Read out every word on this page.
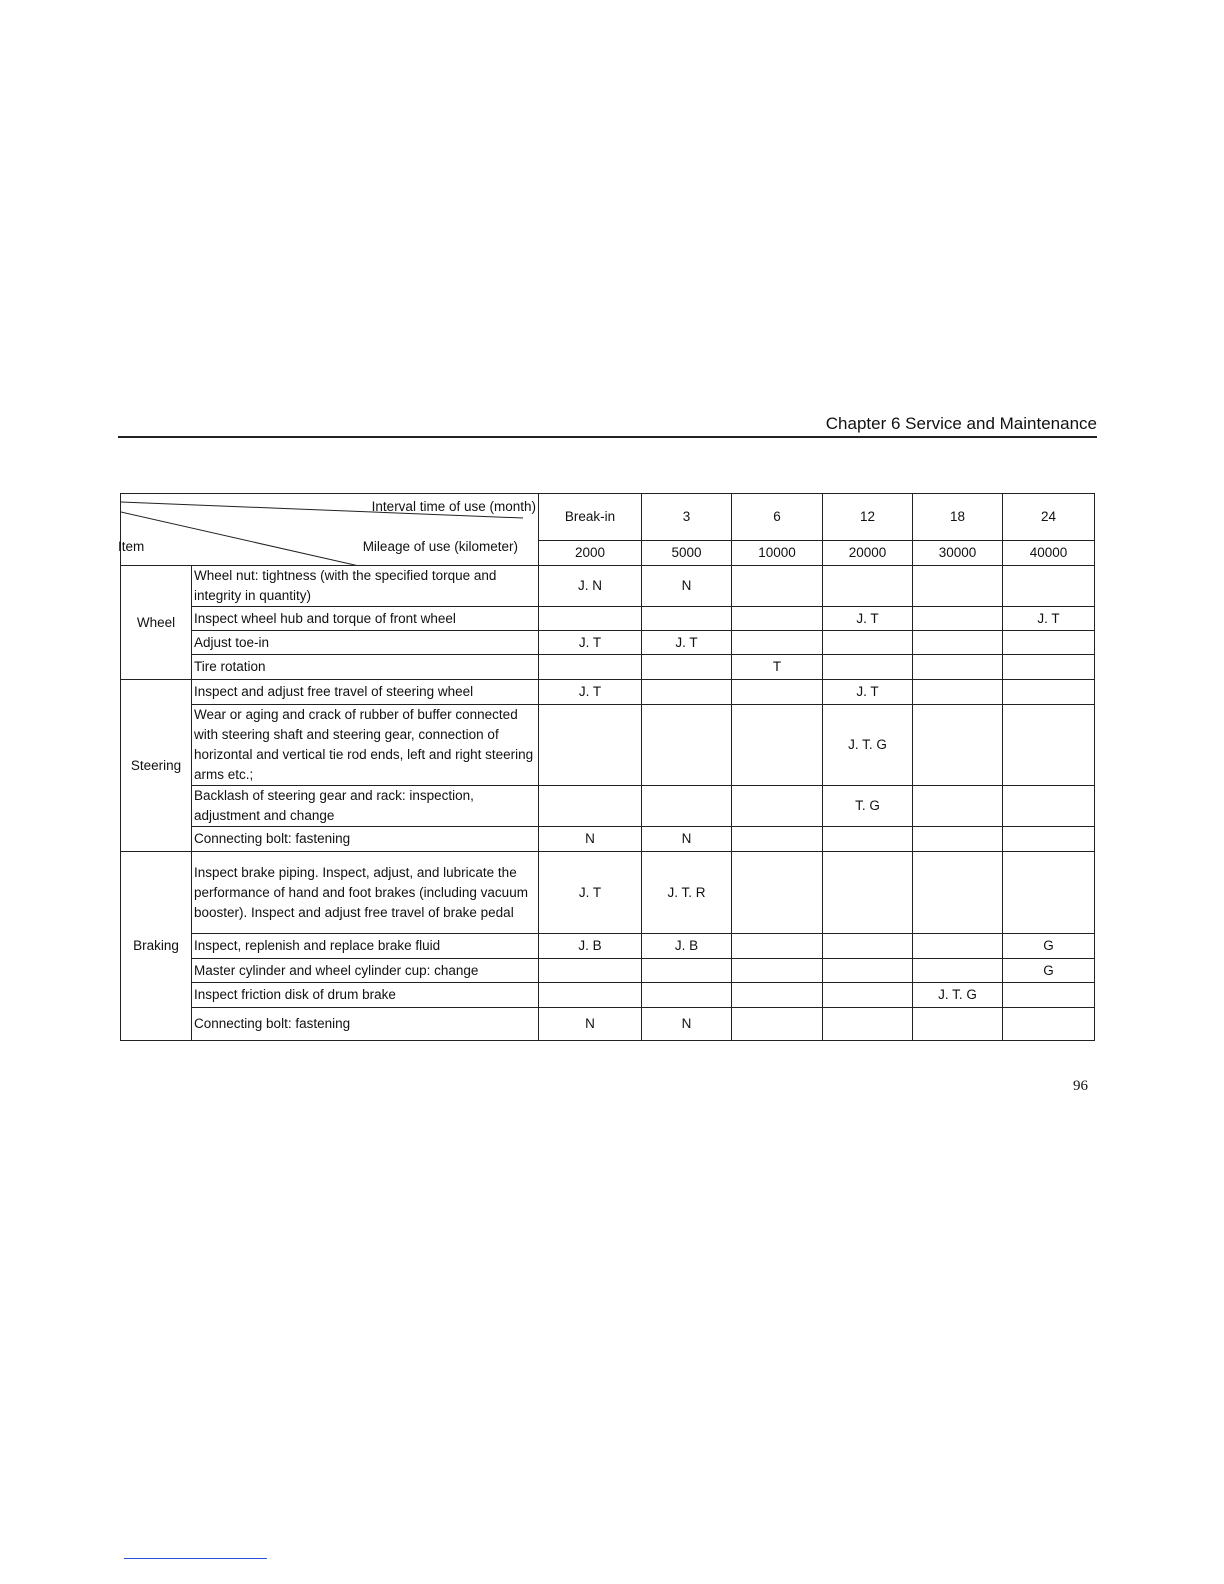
Chapter 6 Service and Maintenance
Interval time of use (month)
Mileage of use (kilometer)
Item		Break-in	3	6	12	18	24
		2000	5000	10000	20000	30000	40000
Wheel	Wheel nut: tightness (with the specified torque and integrity in quantity)	J. N	N				
	Inspect wheel hub and torque of front wheel				J. T		J. T
	Adjust toe-in	J. T	J. T				
	Tire rotation			T			
Steering	Inspect and adjust free travel of steering wheel	J. T			J. T		
	Wear or aging and crack of rubber of buffer connected with steering shaft and steering gear, connection of horizontal and vertical tie rod ends, left and right steering arms etc.;				J. T. G		
	Backlash of steering gear and rack: inspection, adjustment and change				T. G		
	Connecting bolt: fastening	N	N				
Braking	Inspect brake piping. Inspect, adjust, and lubricate the performance of hand and foot brakes (including vacuum booster). Inspect and adjust free travel of brake pedal	J. T	J. T. R				
	Inspect, replenish and replace brake fluid	J. B	J. B				G
	Master cylinder and wheel cylinder cup: change						G
	Inspect friction disk of drum brake					J. T. G	
	Connecting bolt: fastening	N	N				
96
